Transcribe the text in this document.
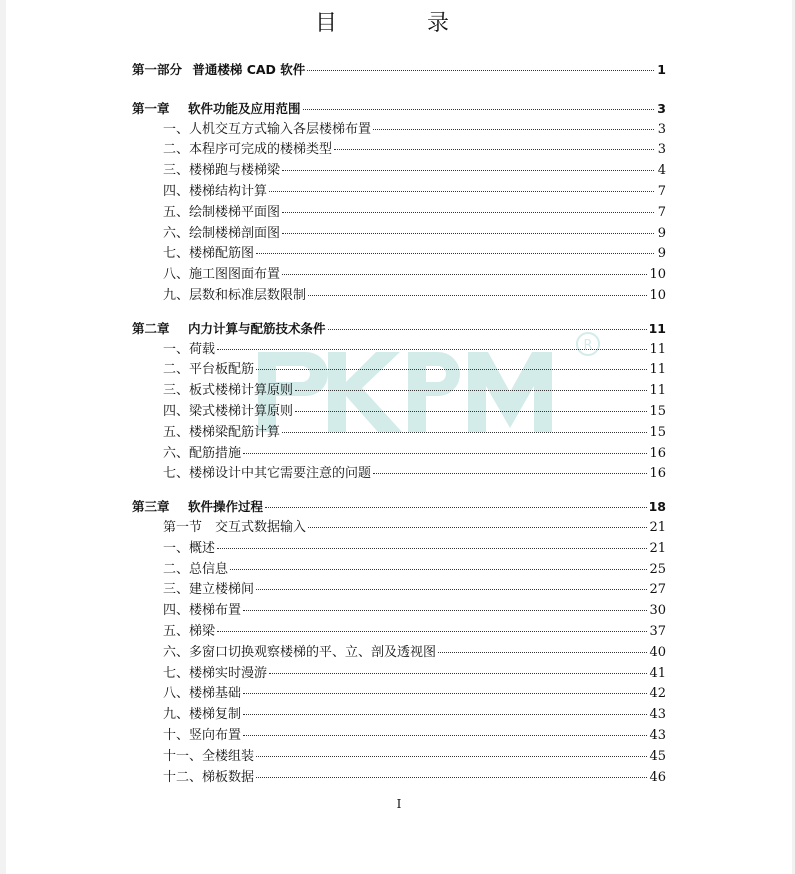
目　录
R
第一部分 普通楼梯 CAD 软件	1
第一章 软件功能及应用范围	3
一、人机交互方式输入各层楼梯布置	3
二、本程序可完成的楼梯类型	3
三、楼梯跑与楼梯梁	4
四、楼梯结构计算	7
五、绘制楼梯平面图	7
六、绘制楼梯剖面图	9
七、楼梯配筋图	9
八、施工图图面布置	10
九、层数和标准层数限制	10
第二章 内力计算与配筋技术条件	11
一、荷载	11
二、平台板配筋	11
三、板式楼梯计算原则	11
四、梁式楼梯计算原则	15
五、楼梯梁配筋计算	15
六、配筋措施	16
七、楼梯设计中其它需要注意的问题	16
第三章 软件操作过程	18
第一节　交互式数据输入	21
一、概述	21
二、总信息	25
三、建立楼梯间	27
四、楼梯布置	30
五、梯梁	37
六、多窗口切换观察楼梯的平、立、剖及透视图	40
七、楼梯实时漫游	41
八、楼梯基础	42
九、楼梯复制	43
十、竖向布置	43
十一、全楼组装	45
十二、梯板数据	46
I
